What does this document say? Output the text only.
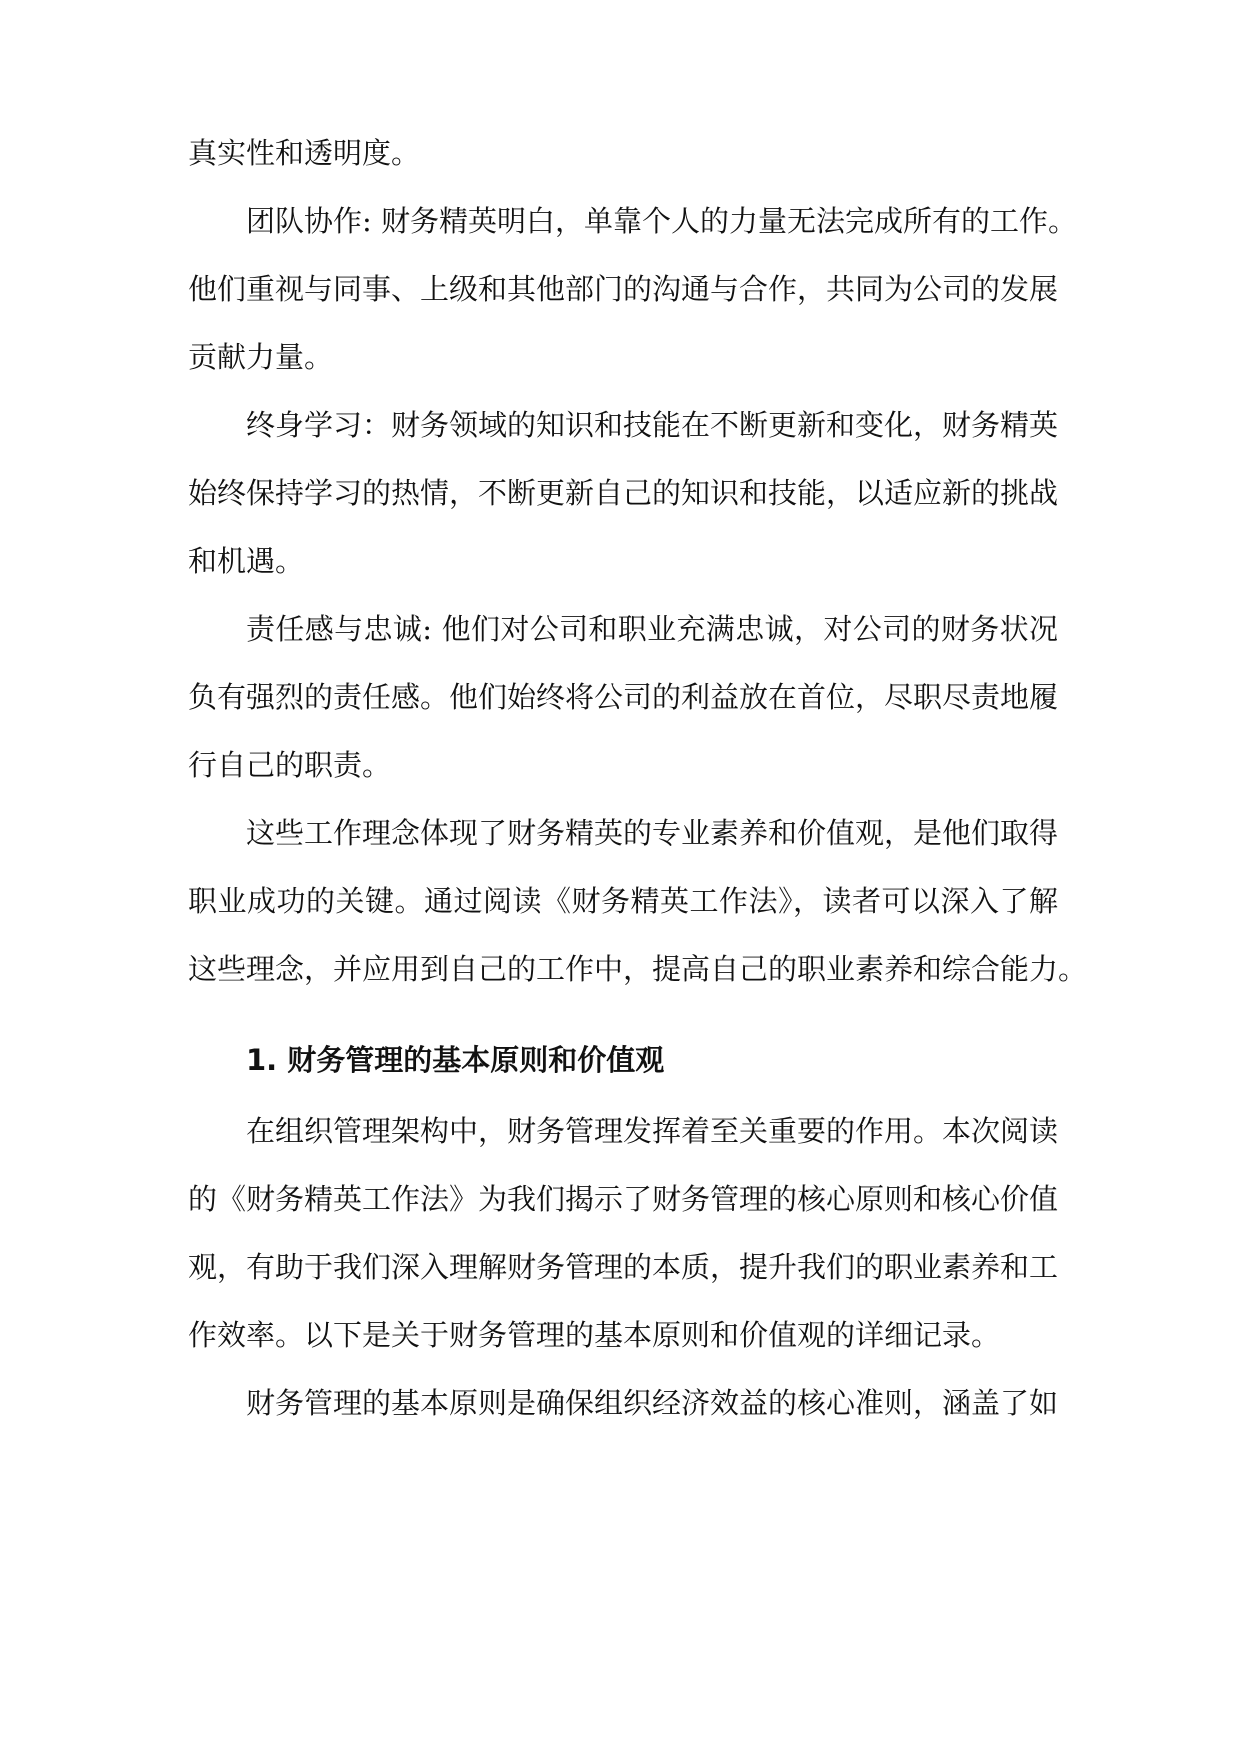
真实性和透明度。
团队协作: 财务精英明白，单靠个人的力量无法完成所有的工作。
他们重视与同事、上级和其他部门的沟通与合作，共同为公司的发展
贡献力量。
终身学习：财务领域的知识和技能在不断更新和变化，财务精英
始终保持学习的热情，不断更新自己的知识和技能，以适应新的挑战
和机遇。
责任感与忠诚: 他们对公司和职业充满忠诚，对公司的财务状况
负有强烈的责任感。他们始终将公司的利益放在首位，尽职尽责地履
行自己的职责。
这些工作理念体现了财务精英的专业素养和价值观，是他们取得
职业成功的关键。通过阅读《财务精英工作法》，读者可以深入了解
这些理念，并应用到自己的工作中，提高自己的职业素养和综合能力。
1. 财务管理的基本原则和价值观
在组织管理架构中，财务管理发挥着至关重要的作用。本次阅读
的《财务精英工作法》为我们揭示了财务管理的核心原则和核心价值
观，有助于我们深入理解财务管理的本质，提升我们的职业素养和工
作效率。以下是关于财务管理的基本原则和价值观的详细记录。
财务管理的基本原则是确保组织经济效益的核心准则，涵盖了如
